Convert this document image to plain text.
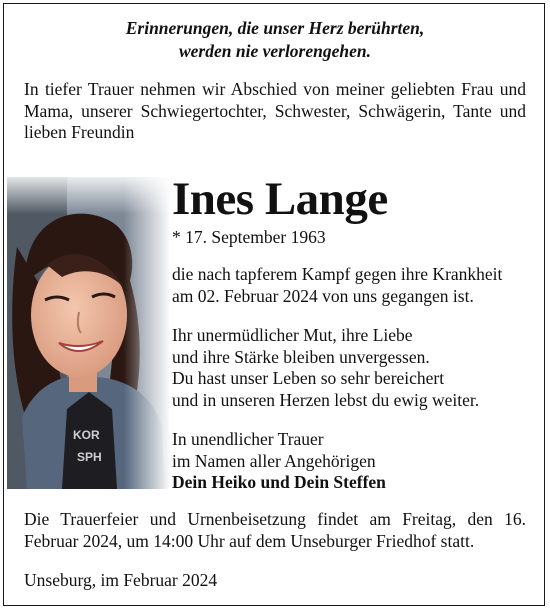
Erinnerungen, die unser Herz berührten,
werden nie verlorengehen.
In tiefer Trauer nehmen wir Abschied von meiner geliebten Frau und Mama, unserer Schwiegertochter, Schwester, Schwägerin, Tante und lieben Freundin
Ines Lange
* 17. September 1963
die nach tapferem Kampf gegen ihre Krankheit
am 02. Februar 2024 von uns gegangen ist.
Ihr unermüdlicher Mut, ihre Liebe
und ihre Stärke bleiben unvergessen.
Du hast unser Leben so sehr bereichert
und in unseren Herzen lebst du ewig weiter.
In unendlicher Trauer
im Namen aller Angehörigen
Dein Heiko und Dein Steffen
Die Trauerfeier und Urnenbeisetzung findet am Freitag, den 16. Februar 2024, um 14:00 Uhr auf dem Unseburger Friedhof statt.
Unseburg, im Februar 2024
